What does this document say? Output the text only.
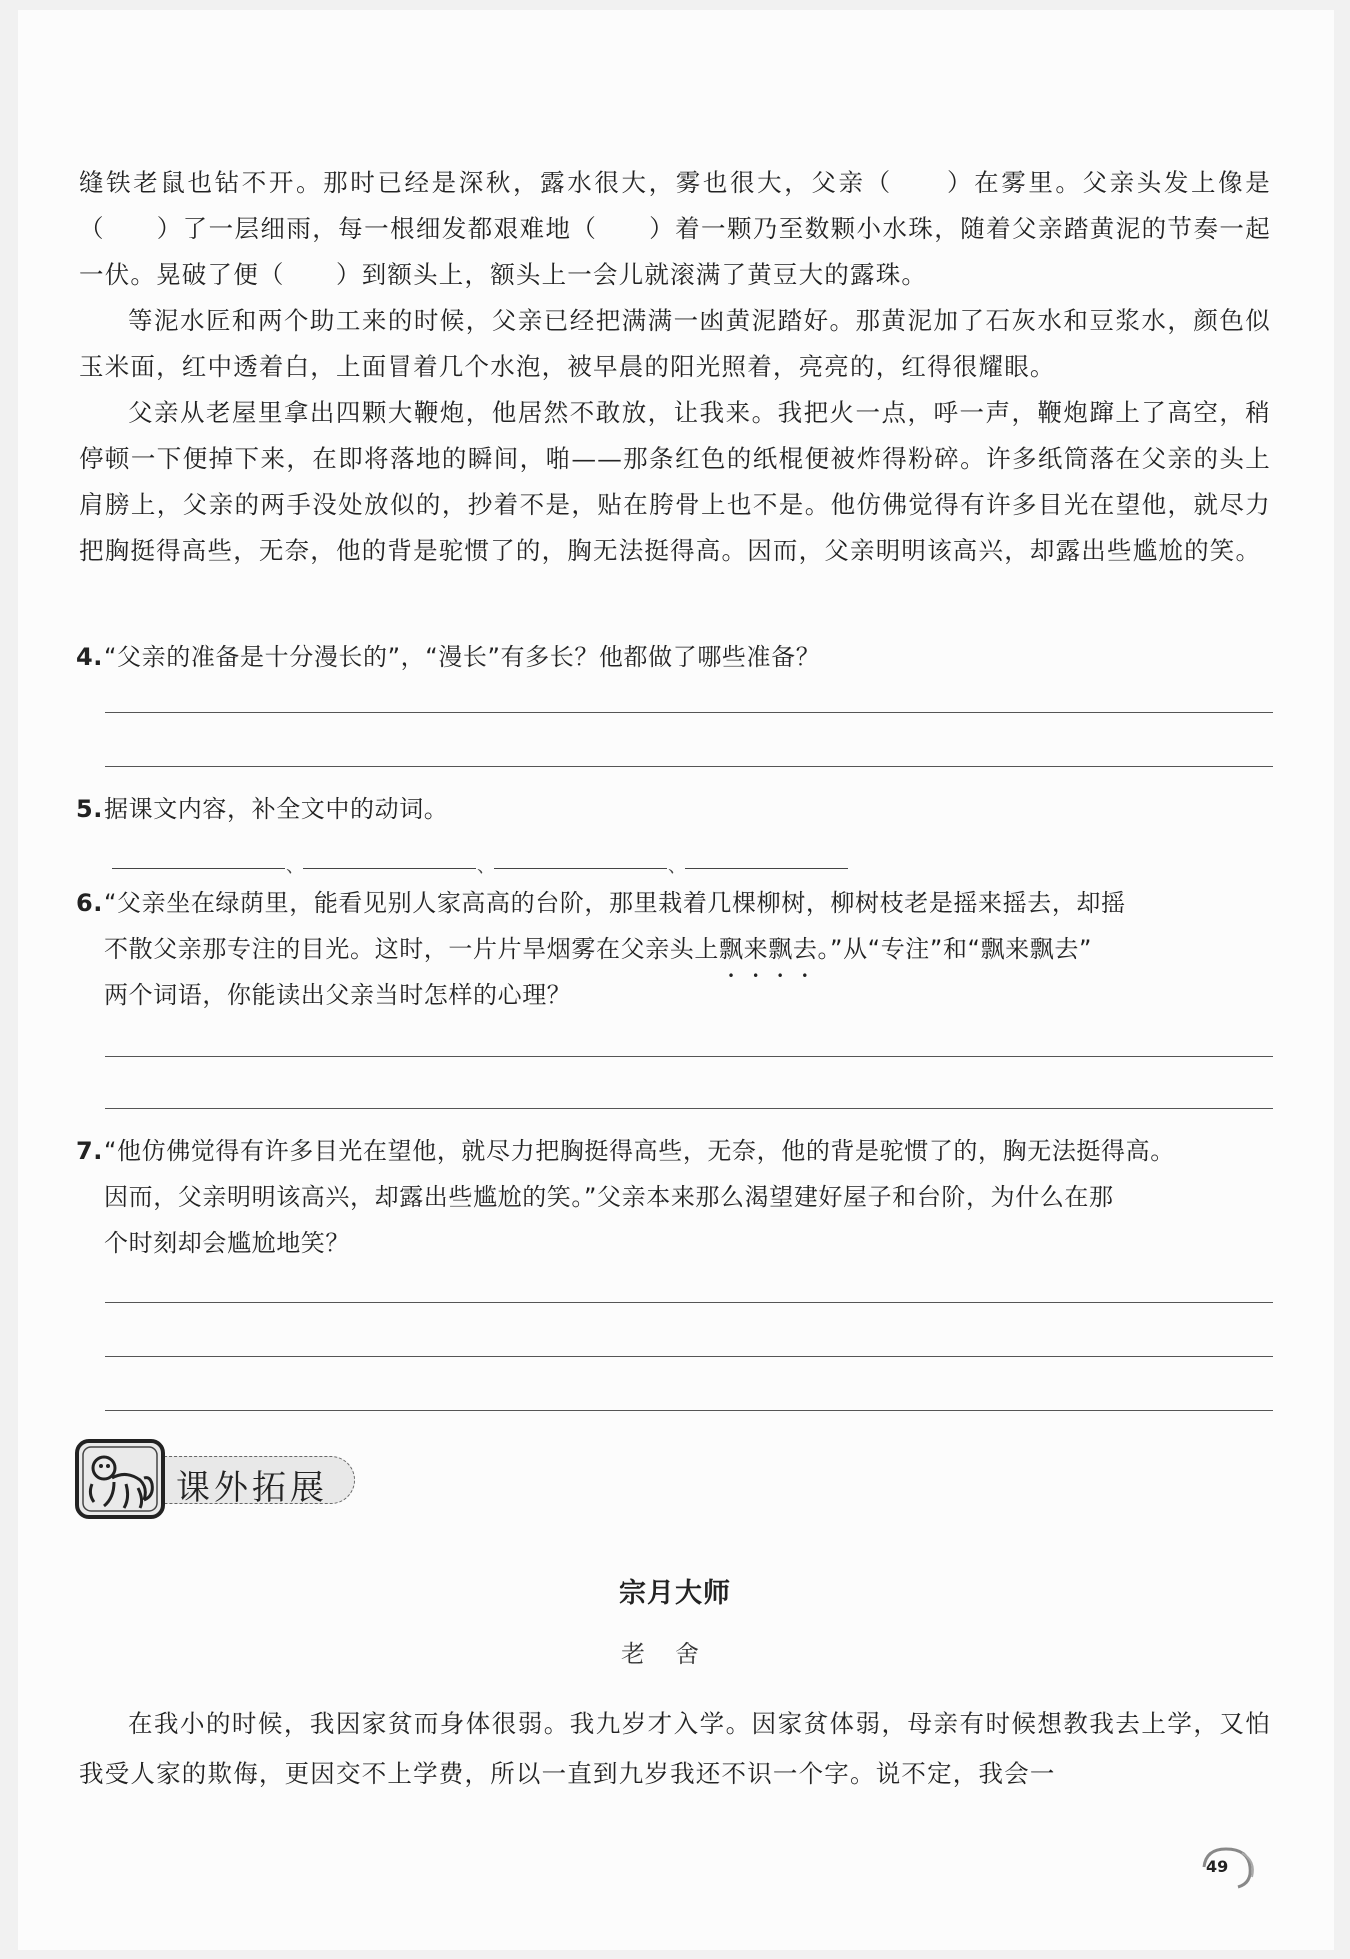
缝铁老鼠也钻不开。那时已经是深秋，露水很大，雾也很大，父亲（　　）在雾里。父亲头发上像是（　　）了一层细雨，每一根细发都艰难地（　　）着一颗乃至数颗小水珠，随着父亲踏黄泥的节奏一起一伏。晃破了便（　　）到额头上，额头上一会儿就滚满了黄豆大的露珠。

等泥水匠和两个助工来的时候，父亲已经把满满一凼黄泥踏好。那黄泥加了石灰水和豆浆水，颜色似玉米面，红中透着白，上面冒着几个水泡，被早晨的阳光照着，亮亮的，红得很耀眼。

父亲从老屋里拿出四颗大鞭炮，他居然不敢放，让我来。我把火一点，呼一声，鞭炮蹿上了高空，稍停顿一下便掉下来，在即将落地的瞬间，啪——那条红色的纸棍便被炸得粉碎。许多纸筒落在父亲的头上肩膀上，父亲的两手没处放似的，抄着不是，贴在胯骨上也不是。他仿佛觉得有许多目光在望他，就尽力把胸挺得高些，无奈，他的背是驼惯了的，胸无法挺得高。因而，父亲明明该高兴，却露出些尴尬的笑。

4.“父亲的准备是十分漫长的”，“漫长”有多长？他都做了哪些准备？
5.据课文内容，补全文中的动词。
、	、	、
6.“父亲坐在绿荫里，能看见别人家高高的台阶，那里栽着几棵柳树，柳树枝老是摇来摇去，却摇
不散父亲那专注的目光。这时，一片片旱烟雾在父亲头上飘来飘去。”从“专注”和“飘来飘去”
两个词语，你能读出父亲当时怎样的心理？
7.“他仿佛觉得有许多目光在望他，就尽力把胸挺得高些，无奈，他的背是驼惯了的，胸无法挺得高。
因而，父亲明明该高兴，却露出些尴尬的笑。”父亲本来那么渴望建好屋子和台阶，为什么在那
个时刻却会尴尬地笑？
课外拓展
宗月大师
老舍

在我小的时候，我因家贫而身体很弱。我九岁才入学。因家贫体弱，母亲有时候想教我去上学，又怕我受人家的欺侮，更因交不上学费，所以一直到九岁我还不识一个字。说不定，我会一

49
